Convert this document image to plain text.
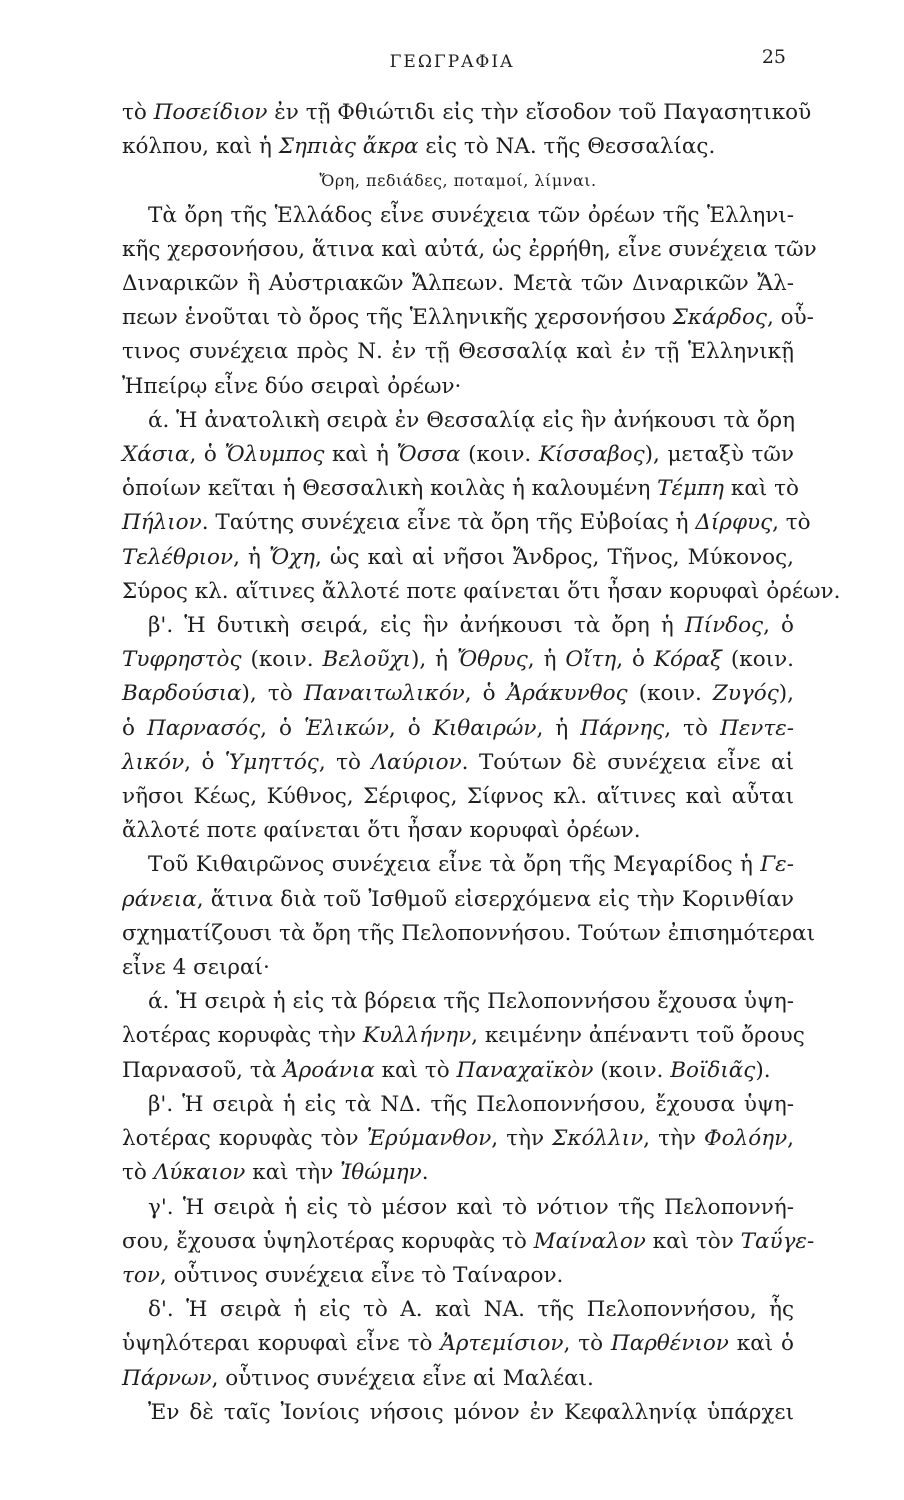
ΓΕΩΓΡΑΦΙΑ	25
τὸ Ποσείδιον ἐν τῇ Φθιώτιδι εἰς τὴν εἴσοδον τοῦ Παγασητικοῦ
κόλπου, καὶ ἡ Σηπιὰς ἄκρα εἰς τὸ ΝΑ. τῆς Θεσσαλίας.
Ὄρη, πεδιάδες, ποταμοί, λίμναι.
Τὰ ὄρη τῆς Ἑλλάδος εἶνε συνέχεια τῶν ὀρέων τῆς Ἑλληνι-
κῆς χερσονήσου, ἅτινα καὶ αὐτά, ὡς ἐρρήθη, εἶνε συνέχεια τῶν
Διναρικῶν ἢ Αὐστριακῶν Ἄλπεων. Μετὰ τῶν Διναρικῶν Ἄλ-
πεων ἑνοῦται τὸ ὄρος τῆς Ἑλληνικῆς χερσονήσου Σκάρδος, οὗ-
τινος συνέχεια πρὸς Ν. ἐν τῇ Θεσσαλίᾳ καὶ ἐν τῇ Ἑλληνικῇ
Ἠπείρῳ εἶνε δύο σειραὶ ὀρέων·
ά. Ἡ ἀνατολικὴ σειρὰ ἐν Θεσσαλίᾳ εἰς ἣν ἀνήκουσι τὰ ὄρη
Χάσια, ὁ Ὄλυμπος καὶ ἡ Ὄσσα (κοιν. Κίσσαβος), μεταξὺ τῶν
ὁποίων κεῖται ἡ Θεσσαλικὴ κοιλὰς ἡ καλουμένη Τέμπη καὶ τὸ
Πήλιον. Ταύτης συνέχεια εἶνε τὰ ὄρη τῆς Εὐβοίας ἡ Δίρφυς, τὸ
Τελέθριον, ἡ Ὄχη, ὡς καὶ αἱ νῆσοι Ἄνδρος, Τῆνος, Μύκονος,
Σύρος κλ. αἵτινες ἄλλοτέ ποτε φαίνεται ὅτι ἦσαν κορυφαὶ ὀρέων.
β'. Ἡ δυτικὴ σειρά, εἰς ἣν ἀνήκουσι τὰ ὄρη ἡ Πίνδος, ὁ
Τυφρηστὸς (κοιν. Βελοῦχι), ἡ Ὄθρυς, ἡ Οἴτη, ὁ Κόραξ (κοιν.
Βαρδούσια), τὸ Παναιτωλικόν, ὁ Ἀράκυνθος (κοιν. Ζυγός),
ὁ Παρνασός, ὁ Ἑλικών, ὁ Κιθαιρών, ἡ Πάρνης, τὸ Πεντε-
λικόν, ὁ Ὑμηττός, τὸ Λαύριον. Τούτων δὲ συνέχεια εἶνε αἱ
νῆσοι Κέως, Κύθνος, Σέριφος, Σίφνος κλ. αἵτινες καὶ αὗται
ἄλλοτέ ποτε φαίνεται ὅτι ἦσαν κορυφαὶ ὀρέων.
Τοῦ Κιθαιρῶνος συνέχεια εἶνε τὰ ὄρη τῆς Μεγαρίδος ἡ Γε-
ράνεια, ἅτινα διὰ τοῦ Ἰσθμοῦ εἰσερχόμενα εἰς τὴν Κορινθίαν
σχηματίζουσι τὰ ὄρη τῆς Πελοποννήσου. Τούτων ἐπισημότεραι
εἶνε 4 σειραί·
ά. Ἡ σειρὰ ἡ εἰς τὰ βόρεια τῆς Πελοποννήσου ἔχουσα ὑψη-
λοτέρας κορυφὰς τὴν Κυλλήνην, κειμένην ἀπέναντι τοῦ ὄρους
Παρνασοῦ, τὰ Ἀροάνια καὶ τὸ Παναχαϊκὸν (κοιν. Βοϊδιᾶς).
β'. Ἡ σειρὰ ἡ εἰς τὰ ΝΔ. τῆς Πελοποννήσου, ἔχουσα ὑψη-
λοτέρας κορυφὰς τὸν Ἐρύμανθον, τὴν Σκόλλιν, τὴν Φολόην,
τὸ Λύκαιον καὶ τὴν Ἰθώμην.
γ'. Ἡ σειρὰ ἡ εἰς τὸ μέσον καὶ τὸ νότιον τῆς Πελοποννή-
σου, ἔχουσα ὑψηλοτέρας κορυφὰς τὸ Μαίναλον καὶ τὸν Ταΰγε-
τον, οὗτινος συνέχεια εἶνε τὸ Ταίναρον.
δ'. Ἡ σειρὰ ἡ εἰς τὸ Α. καὶ ΝΑ. τῆς Πελοποννήσου, ἧς
ὑψηλότεραι κορυφαὶ εἶνε τὸ Ἀρτεμίσιον, τὸ Παρθένιον καὶ ὁ
Πάρνων, οὗτινος συνέχεια εἶνε αἱ Μαλέαι.
Ἐν δὲ ταῖς Ἰονίοις νήσοις μόνον ἐν Κεφαλληνίᾳ ὑπάρχει
